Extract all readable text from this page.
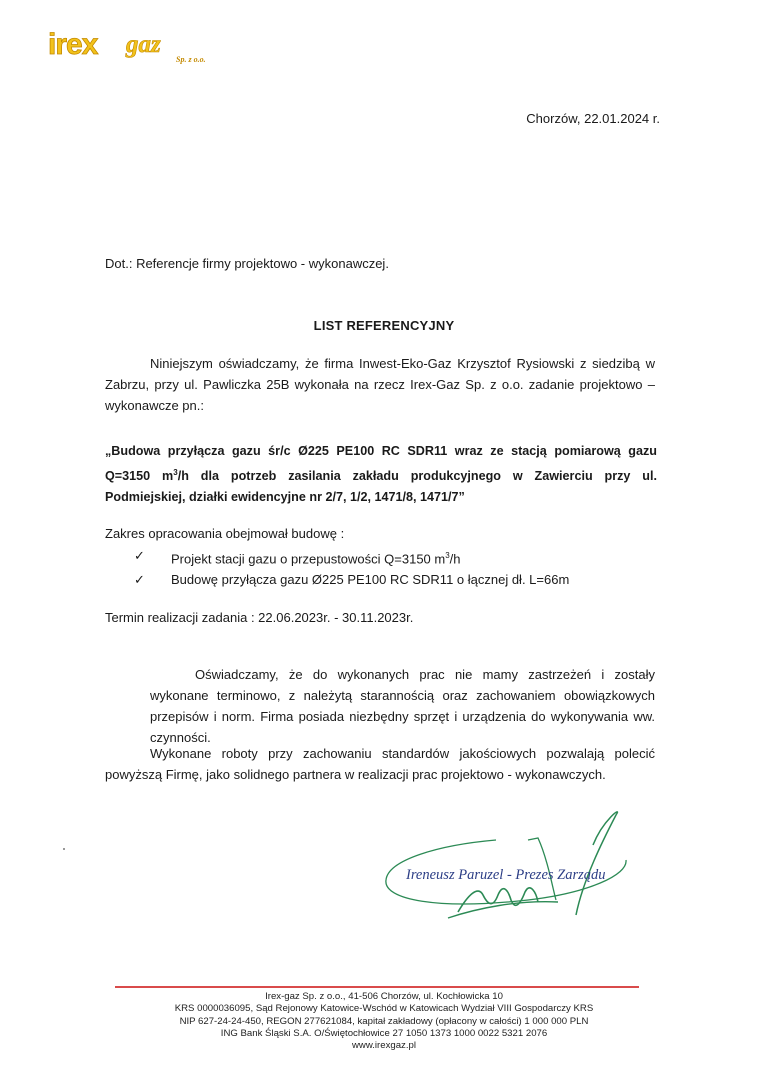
irex gaz
Sp. z o.o.
Chorzów, 22.01.2024 r.
Dot.: Referencje firmy projektowo - wykonawczej.
LIST REFERENCYJNY
Niniejszym oświadczamy, że firma Inwest-Eko-Gaz Krzysztof Rysiowski z siedzibą w Zabrzu, przy ul. Pawliczka 25B wykonała na rzecz Irex-Gaz Sp. z o.o. zadanie projektowo – wykonawcze pn.:
„Budowa przyłącza gazu śr/c Ø225 PE100 RC SDR11 wraz ze stacją pomiarową gazu Q=3150 $m^3/h$ dla potrzeb zasilania zakładu produkcyjnego w Zawierciu przy ul. Podmiejskiej, działki ewidencyjne nr 2/7, 1/2, 1471/8, 1471/7”
Zakres opracowania obejmował budowę :
✓	Projekt stacji gazu o przepustowości Q=3150 $m^3/h$
✓	Budowę przyłącza gazu Ø225 PE100 RC SDR11 o łącznej dł. L=66m
Termin realizacji zadania : 22.06.2023r. - 30.11.2023r.
Oświadczamy, że do wykonanych prac nie mamy zastrzeżeń i zostały wykonane terminowo, z należytą starannością oraz zachowaniem obowiązkowych przepisów i norm. Firma posiada niezbędny sprzęt i urządzenia do wykonywania ww. czynności.
Wykonane roboty przy zachowaniu standardów jakościowych pozwalają polecić powyższą Firmę, jako solidnego partnera w realizacji prac projektowo - wykonawczych.
Ireneusz Paruzel - Prezes Zarządu
Irex-gaz Sp. z o.o., 41-506 Chorzów, ul. Kochłowicka 10
KRS 0000036095, Sąd Rejonowy Katowice-Wschód w Katowicach Wydział VIII Gospodarczy KRS
NIP 627-24-24-450, REGON 277621084, kapitał zakładowy (opłacony w całości) 1 000 000 PLN
ING Bank Śląski S.A. O/Świętochłowice 27 1050 1373 1000 0022 5321 2076
www.irexgaz.pl
